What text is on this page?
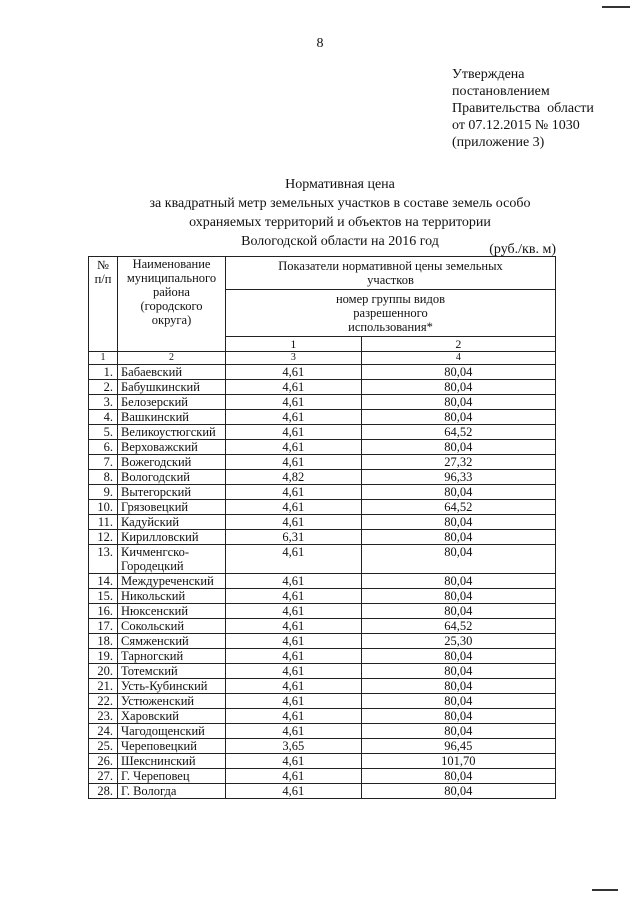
8
Утверждена
постановлением
Правительства  области
от 07.12.2015 № 1030
(приложение 3)
Нормативная цена
за квадратный метр земельных участков в составе земель особо
охраняемых территорий и объектов на территории
Вологодской области на 2016 год
(руб./кв. м)
№ п/п	Наименование муниципального района (городского округа)	Показатели нормативной цены земельных участков	
		номер группы видов разрешенного использования*	
		1	2
1	2	3	4
1.	Бабаевский	4,61	80,04
2.	Бабушкинский	4,61	80,04
3.	Белозерский	4,61	80,04
4.	Вашкинский	4,61	80,04
5.	Великоустюгский	4,61	64,52
6.	Верховажский	4,61	80,04
7.	Вожегодский	4,61	27,32
8.	Вологодский	4,82	96,33
9.	Вытегорский	4,61	80,04
10.	Грязовецкий	4,61	64,52
11.	Кадуйский	4,61	80,04
12.	Кирилловский	6,31	80,04
13.	Кичменгско-Городецкий	4,61	80,04
14.	Междуреченский	4,61	80,04
15.	Никольский	4,61	80,04
16.	Нюксенский	4,61	80,04
17.	Сокольский	4,61	64,52
18.	Сямженский	4,61	25,30
19.	Тарногский	4,61	80,04
20.	Тотемский	4,61	80,04
21.	Усть-Кубинский	4,61	80,04
22.	Устюженский	4,61	80,04
23.	Харовский	4,61	80,04
24.	Чагодощенский	4,61	80,04
25.	Череповецкий	3,65	96,45
26.	Шекснинский	4,61	101,70
27.	Г. Череповец	4,61	80,04
28.	Г. Вологда	4,61	80,04
